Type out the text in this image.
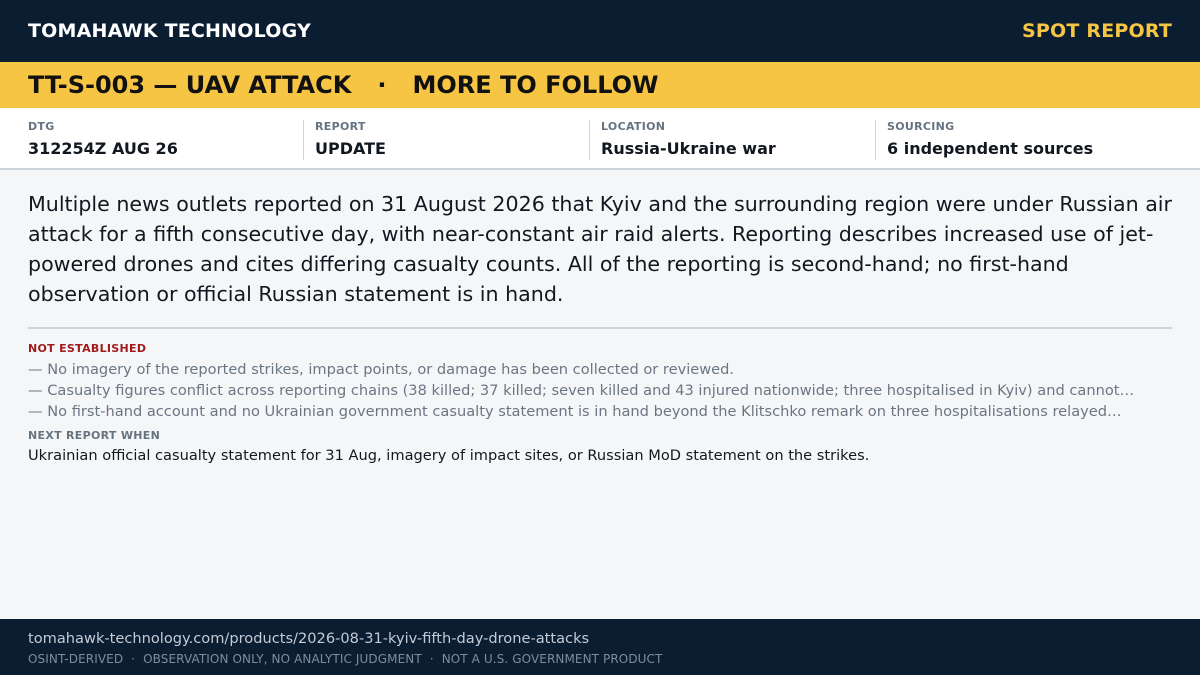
TOMAHAWK TECHNOLOGY	SPOT REPORT
TT-S-003 — UAV ATTACK · MORE TO FOLLOW
DTG
312254Z AUG 26
REPORT
UPDATE
LOCATION
Russia-Ukraine war
SOURCING
6 independent sources

Multiple news outlets reported on 31 August 2026 that Kyiv and the surrounding region were under Russian air attack for a fifth consecutive day, with near-constant air raid alerts. Reporting describes increased use of jet-powered drones and cites differing casualty counts. All of the reporting is second-hand; no first-hand observation or official Russian statement is in hand.

NOT ESTABLISHED
— No imagery of the reported strikes, impact points, or damage has been collected or reviewed.
— Casualty figures conflict across reporting chains (38 killed; 37 killed; seven killed and 43 injured nationwide; three hospitalised in Kyiv) and cannot…
— No first-hand account and no Ukrainian government casualty statement is in hand beyond the Klitschko remark on three hospitalisations relayed…
NEXT REPORT WHEN

Ukrainian official casualty statement for 31 Aug, imagery of impact sites, or Russian MoD statement on the strikes.

tomahawk-technology.com/products/2026-08-31-kyiv-fifth-day-drone-attacks
OSINT-DERIVED · OBSERVATION ONLY, NO ANALYTIC JUDGMENT · NOT A U.S. GOVERNMENT PRODUCT
